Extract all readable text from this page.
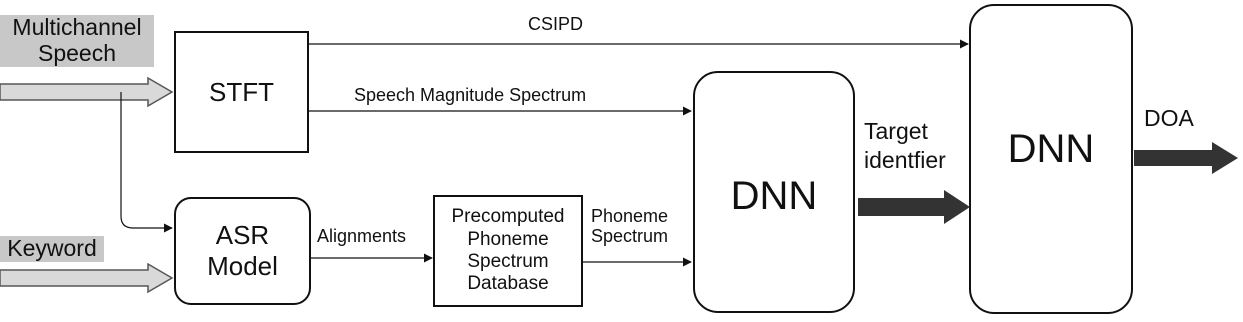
Multichannel
Speech
Keyword
STFT
ASR
Model
Precomputed
Phoneme
Spectrum
Database
DNN
DNN
CSIPD
Speech Magnitude Spectrum
Alignments
Phoneme
Spectrum
Target
identfier
DOA
